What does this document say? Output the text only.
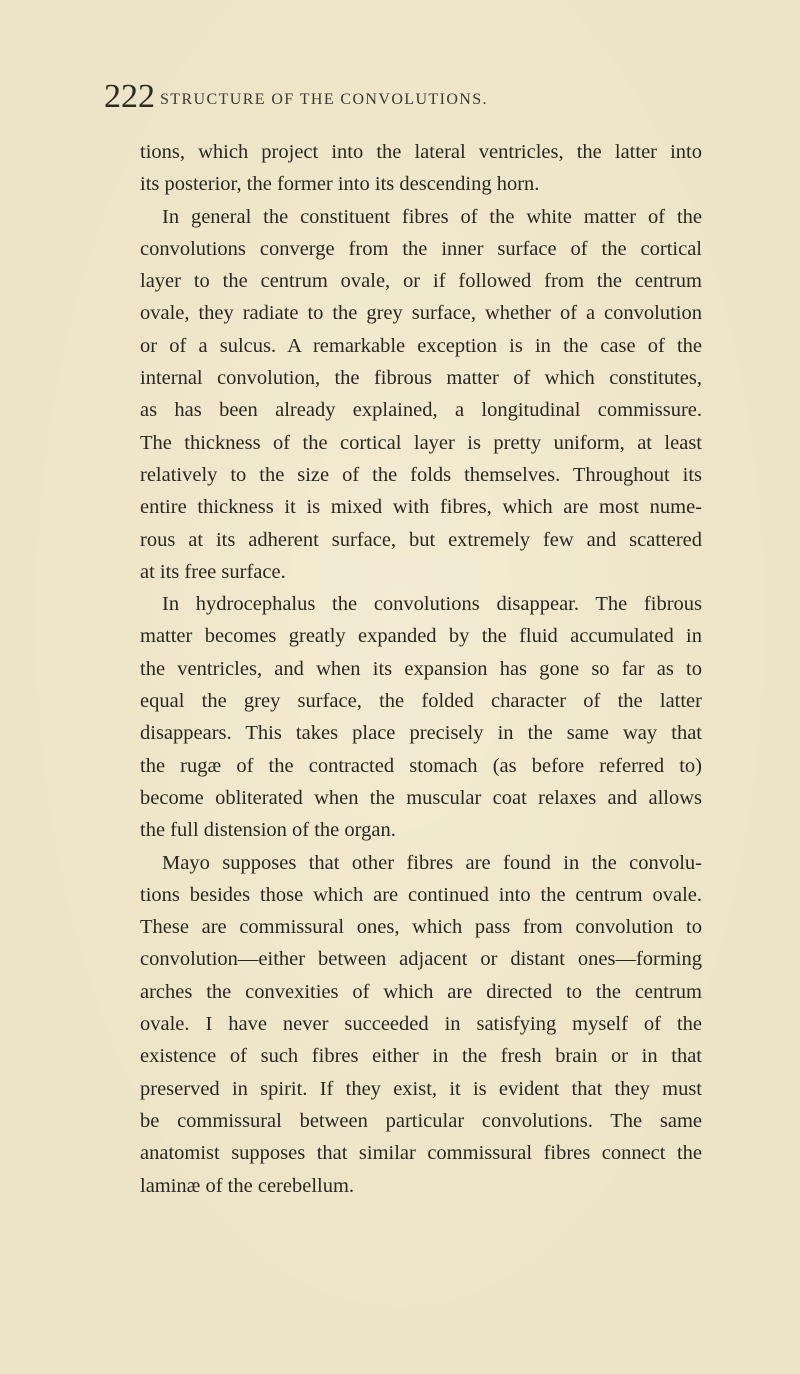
222 STRUCTURE OF THE CONVOLUTIONS.
tions, which project into the lateral ventricles, the latter into
its posterior, the former into its descending horn.
In general the constituent fibres of the white matter of the
convolutions converge from the inner surface of the cortical
layer to the centrum ovale, or if followed from the centrum
ovale, they radiate to the grey surface, whether of a convolution
or of a sulcus. A remarkable exception is in the case of the
internal convolution, the fibrous matter of which constitutes,
as has been already explained, a longitudinal commissure.
The thickness of the cortical layer is pretty uniform, at least
relatively to the size of the folds themselves. Throughout its
entire thickness it is mixed with fibres, which are most nume-
rous at its adherent surface, but extremely few and scattered
at its free surface.
In hydrocephalus the convolutions disappear. The fibrous
matter becomes greatly expanded by the fluid accumulated in
the ventricles, and when its expansion has gone so far as to
equal the grey surface, the folded character of the latter
disappears. This takes place precisely in the same way that
the rugæ of the contracted stomach (as before referred to)
become obliterated when the muscular coat relaxes and allows
the full distension of the organ.
Mayo supposes that other fibres are found in the convolu-
tions besides those which are continued into the centrum ovale.
These are commissural ones, which pass from convolution to
convolution—either between adjacent or distant ones—forming
arches the convexities of which are directed to the centrum
ovale. I have never succeeded in satisfying myself of the
existence of such fibres either in the fresh brain or in that
preserved in spirit. If they exist, it is evident that they must
be commissural between particular convolutions. The same
anatomist supposes that similar commissural fibres connect the
laminæ of the cerebellum.
